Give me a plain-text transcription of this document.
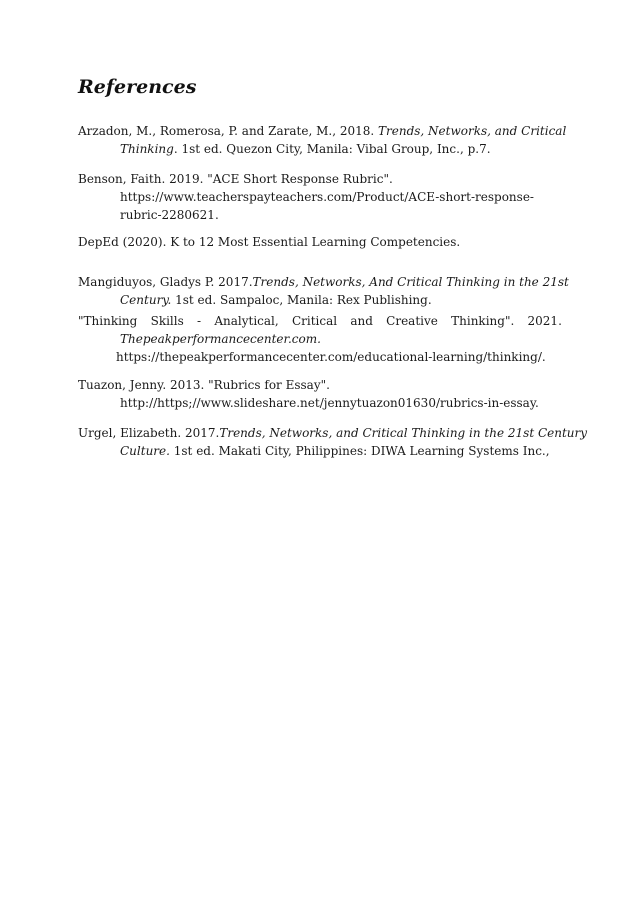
References
Arzadon, M., Romerosa, P. and Zarate, M., 2018. Trends, Networks, and Critical
Thinking. 1st ed. Quezon City, Manila: Vibal Group, Inc., p.7.
Benson, Faith. 2019. "ACE Short Response Rubric".
https://www.teacherspayteachers.com/Product/ACE-short-response-
rubric-2280621.
DepEd (2020). K to 12 Most Essential Learning Competencies.
Mangiduyos, Gladys P. 2017. Trends, Networks, And Critical Thinking in the 21st
Century. 1st ed. Sampaloc, Manila: Rex Publishing.
"Thinking Skills - Analytical, Critical and Creative Thinking". 2021.
Thepeakperformancecenter.com.
https://thepeakperformancecenter.com/educational-learning/thinking/.
Tuazon, Jenny. 2013. "Rubrics for Essay".
http://https;//www.slideshare.net/jennytuazon01630/rubrics-in-essay.
Urgel, Elizabeth. 2017. Trends, Networks, and Critical Thinking in the 21st Century
Culture. 1st ed. Makati City, Philippines: DIWA Learning Systems Inc.,
